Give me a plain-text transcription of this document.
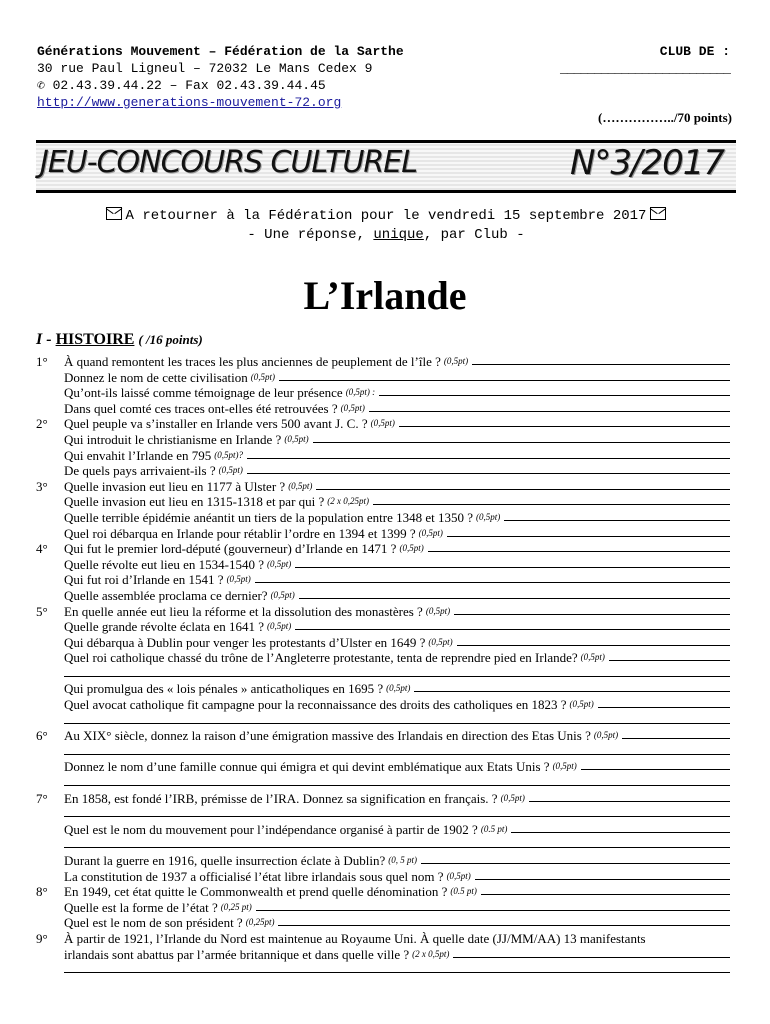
Générations Mouvement – Fédération de la Sarthe
30 rue Paul Ligneul – 72032 Le Mans Cedex 9
✆ 02.43.39.44.22 – Fax 02.43.39.44.45
http://www.generations-mouvement-72.org
CLUB DE :
_________________________
(……………../70 points)
JEU-CONCOURS CULTUREL	N°3/2017
A retourner à la Fédération pour le vendredi 15 septembre 2017
- Une réponse, unique, par Club -
L’Irlande
I - HISTOIRE ( /16 points)
1°	À quand remontent les traces les plus anciennes de peuplement de l’île ? (0,5pt)
Donnez le nom de cette civilisation (0,5pt)
Qu’ont-ils laissé comme témoignage de leur présence (0,5pt) :
Dans quel comté ces traces ont-elles été retrouvées ? (0,5pt)
2°	Quel peuple va s’installer en Irlande vers 500 avant J. C. ? (0,5pt)
Qui introduit le christianisme en Irlande ? (0,5pt)
Qui envahit l’Irlande en 795 (0,5pt)?
De quels pays arrivaient-ils ? (0,5pt)
3°	Quelle invasion eut lieu en 1177 à Ulster ? (0,5pt)
Quelle invasion eut lieu en 1315-1318 et par qui ? (2 x 0,25pt)
Quelle terrible épidémie anéantit un tiers de la population entre 1348 et 1350 ? (0,5pt)
Quel roi débarqua en Irlande pour rétablir l’ordre en 1394 et 1399 ? (0,5pt)
4°	Qui fut le premier lord-député (gouverneur) d’Irlande en 1471 ? (0,5pt)
Quelle révolte eut lieu en 1534-1540 ? (0,5pt)
Qui fut roi d’Irlande en 1541 ? (0,5pt)
Quelle assemblée proclama ce dernier? (0,5pt)
5°	En quelle année eut lieu la réforme et la dissolution des monastères ? (0,5pt)
Quelle grande révolte éclata en 1641 ? (0,5pt)
Qui débarqua à Dublin pour venger les protestants d’Ulster en 1649 ? (0,5pt)
Quel roi catholique chassé du trône de l’Angleterre protestante, tenta de reprendre pied en Irlande? (0,5pt)
Qui promulgua des « lois pénales » anticatholiques en 1695 ? (0,5pt)
Quel avocat catholique fit campagne pour la reconnaissance des droits des catholiques en 1823 ? (0,5pt)
6°	Au XIX° siècle, donnez la raison d’une émigration massive des Irlandais en direction des Etas Unis ? (0,5pt)
Donnez le nom d’une famille connue qui émigra et qui devint emblématique aux Etats Unis ? (0,5pt)
7°	En 1858, est fondé l’IRB, prémisse de l’IRA. Donnez sa signification en français. ? (0,5pt)
Quel est le nom du mouvement pour l’indépendance organisé à partir de 1902 ? (0.5 pt)
Durant la guerre en 1916, quelle insurrection éclate à Dublin? (0, 5 pt)
La constitution de 1937 a officialisé l’état libre irlandais sous quel nom ? (0,5pt)
8°	En 1949, cet état quitte le Commonwealth et prend quelle dénomination ? (0.5 pt)
Quelle est la forme de l’état ? (0,25 pt)
Quel est le nom de son président ? (0,25pt)
9°	À partir de 1921, l’Irlande du Nord est maintenue au Royaume Uni. À quelle date (JJ/MM/AA) 13 manifestants
irlandais sont abattus par l’armée britannique et dans quelle ville ? (2 x 0,5pt)
